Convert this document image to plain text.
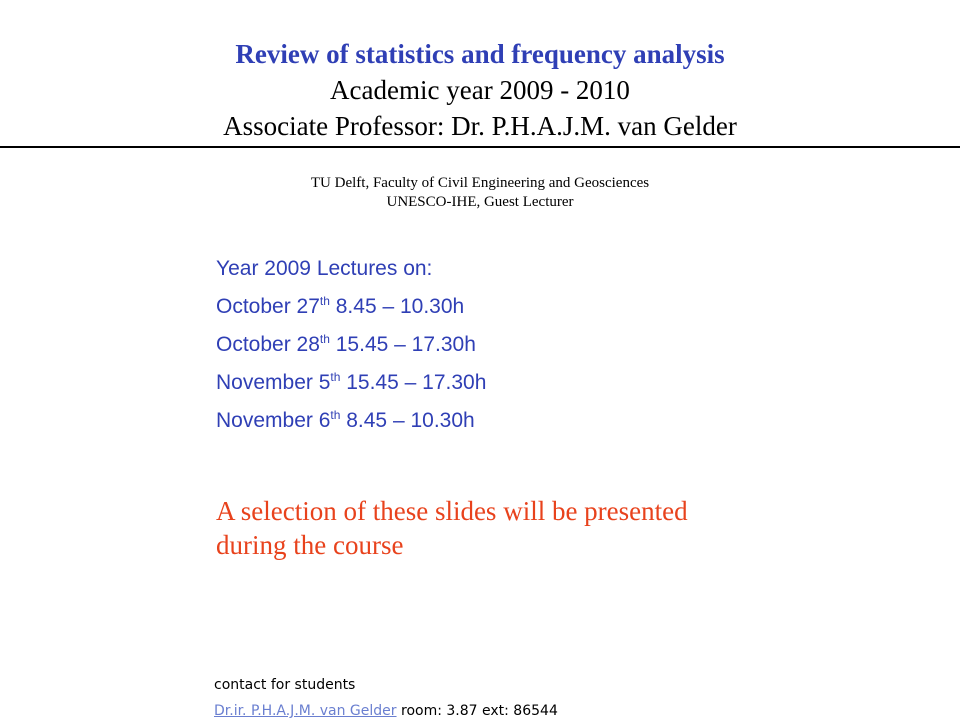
Review of statistics and frequency analysis
Academic year 2009 - 2010
Associate Professor: Dr. P.H.A.J.M. van Gelder
TU Delft, Faculty of Civil Engineering and Geosciences
UNESCO-IHE, Guest Lecturer
Year 2009 Lectures on:
October 27th 8.45 – 10.30h
October 28th 15.45 – 17.30h
November 5th 15.45 – 17.30h
November 6th 8.45 – 10.30h
A selection of these slides will be presented during the course
contact for students
Dr.ir. P.H.A.J.M. van Gelder room: 3.87 ext: 86544
